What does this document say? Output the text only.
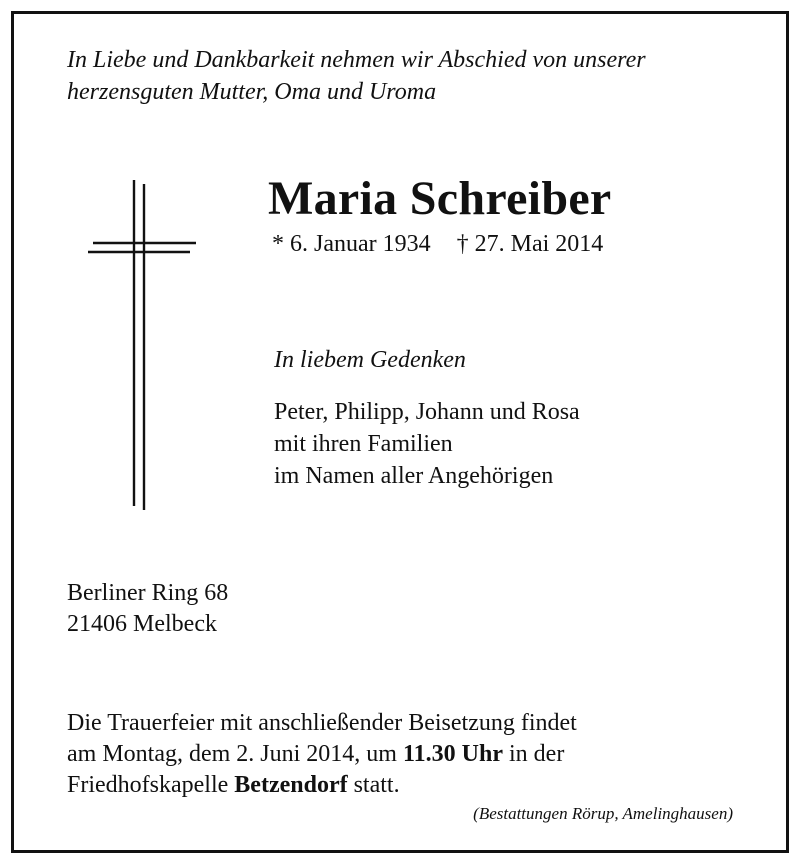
In Liebe und Dankbarkeit nehmen wir Abschied von unserer
herzensguten Mutter, Oma und Uroma
Maria Schreiber
* 6. Januar 1934 † 27. Mai 2014
In liebem Gedenken
Peter, Philipp, Johann und Rosa
mit ihren Familien
im Namen aller Angehörigen
Berliner Ring 68
21406 Melbeck
Die Trauerfeier mit anschließender Beisetzung findet
am Montag, dem 2. Juni 2014, um 11.30 Uhr in der
Friedhofskapelle Betzendorf statt.
(Bestattungen Rörup, Amelinghausen)
